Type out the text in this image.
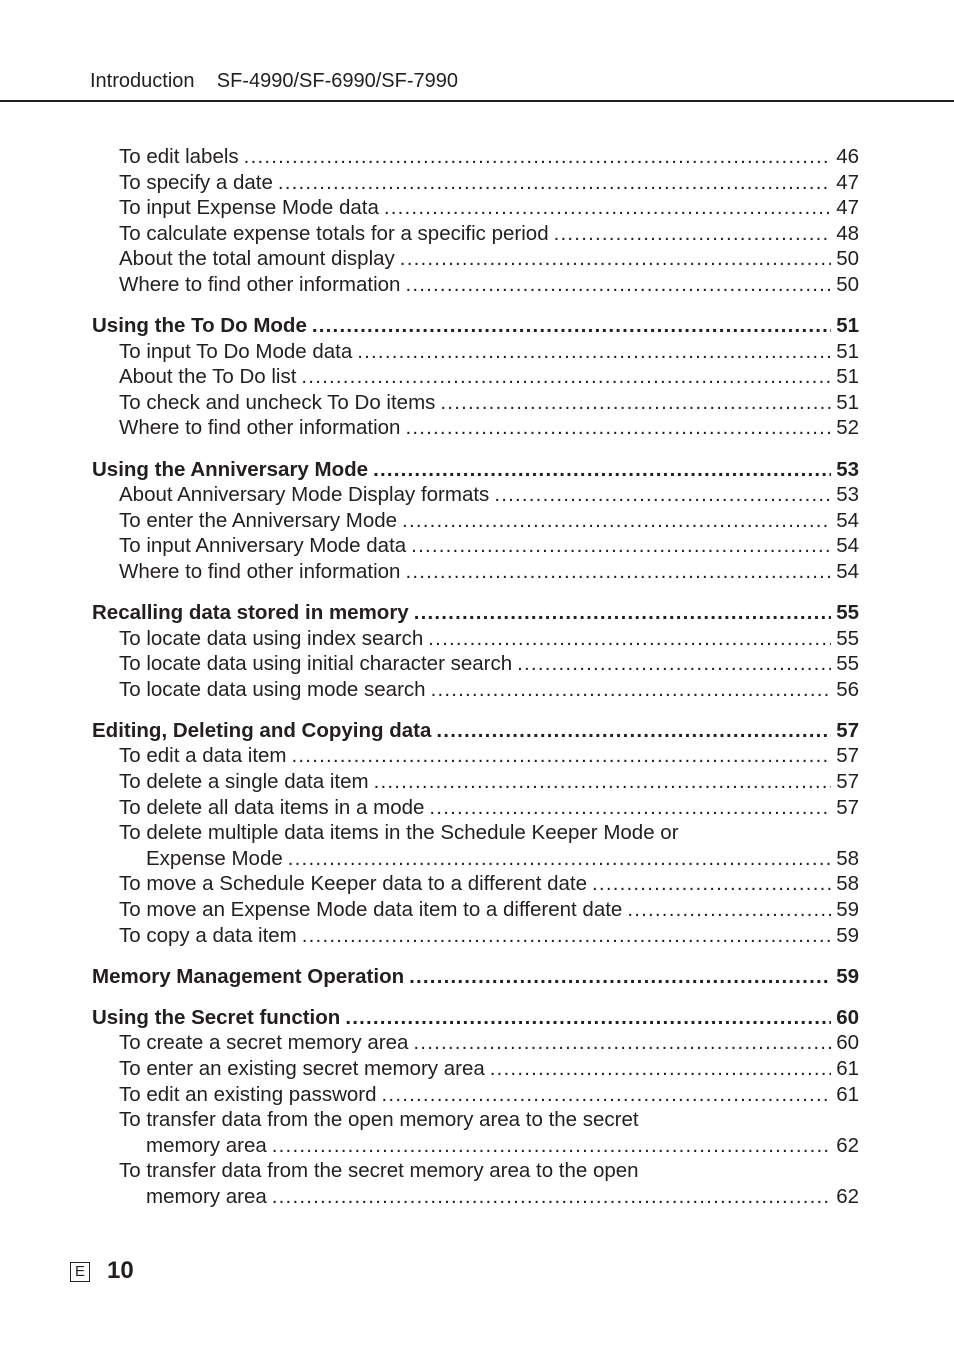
Introduction SF-4990/SF-6990/SF-7990
To edit labels .....	46
To specify a date .....	47
To input Expense Mode data .....	47
To calculate expense totals for a specific period .....	48
About the total amount display .....	50
Where to find other information .....	50
Using the To Do Mode .....	51
To input To Do Mode data .....	51
About the To Do list .....	51
To check and uncheck To Do items .....	51
Where to find other information .....	52
Using the Anniversary Mode .....	53
About Anniversary Mode Display formats .....	53
To enter the Anniversary Mode .....	54
To input Anniversary Mode data .....	54
Where to find other information .....	54
Recalling data stored in memory .....	55
To locate data using index search .....	55
To locate data using initial character search .....	55
To locate data using mode search .....	56
Editing, Deleting and Copying data .....	57
To edit a data item .....	57
To delete a single data item .....	57
To delete all data items in a mode .....	57
To delete multiple data items in the Schedule Keeper Mode or
Expense Mode .....	58
To move a Schedule Keeper data to a different date .....	58
To move an Expense Mode data item to a different date .....	59
To copy a data item .....	59
Memory Management Operation .....	59
Using the Secret function .....	60
To create a secret memory area .....	60
To enter an existing secret memory area .....	61
To edit an existing password .....	61
To transfer data from the open memory area to the secret
memory area .....	62
To transfer data from the secret memory area to the open
memory area .....	62
E 10
